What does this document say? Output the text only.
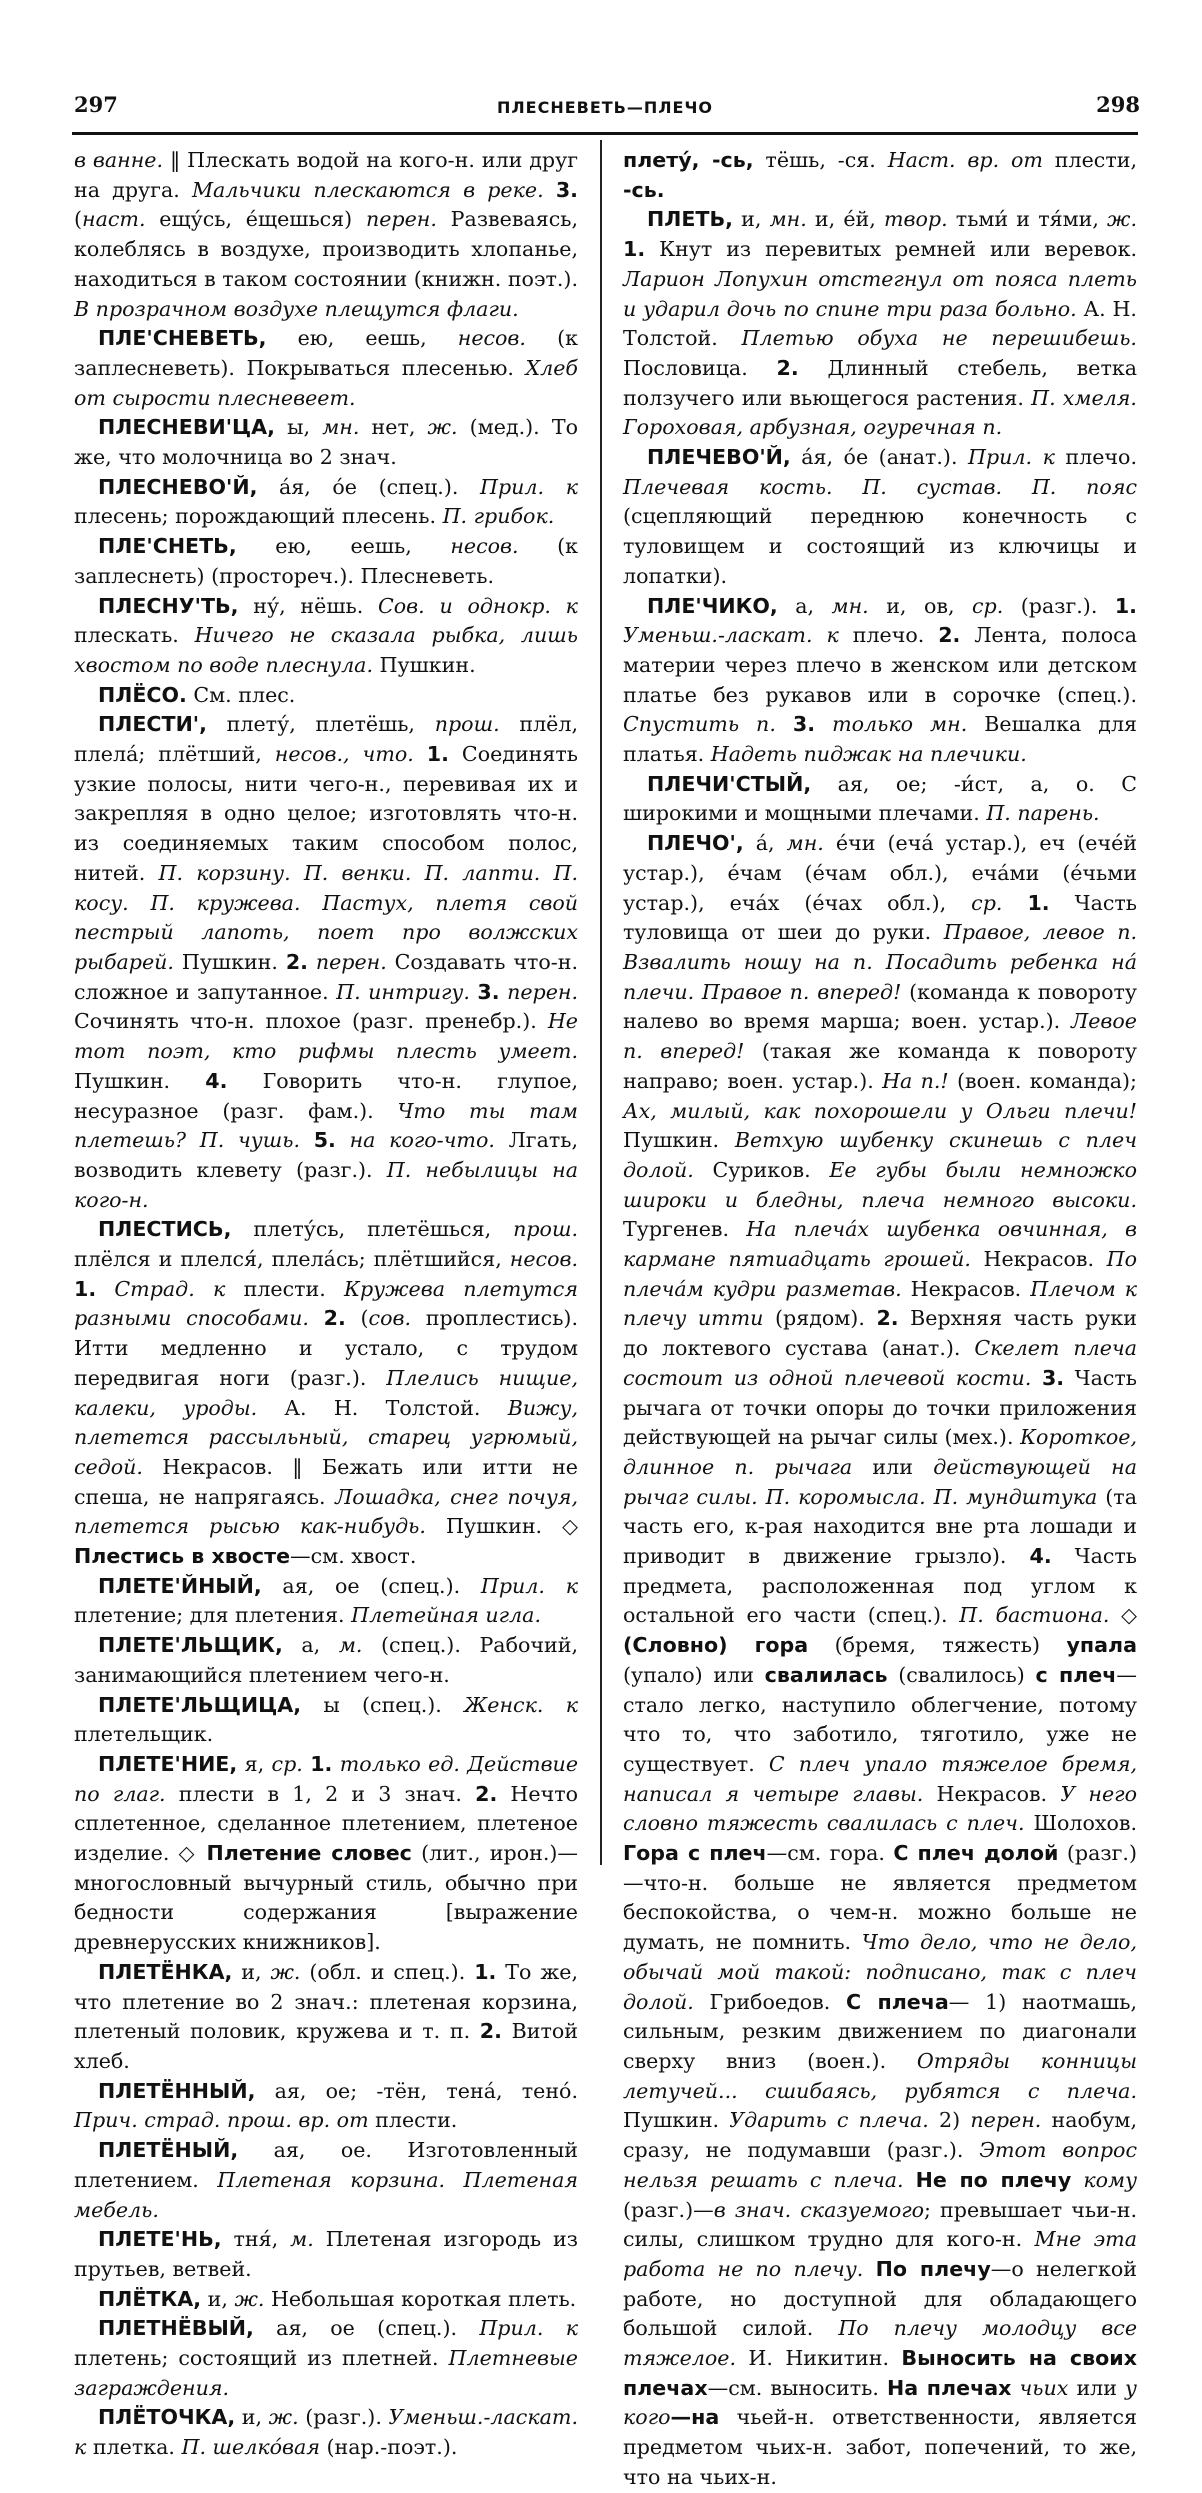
297	ПЛЕСНЕВЕТЬ—ПЛЕЧО	298

в ванне. ‖ Плескать водой на кого-н. или друг на друга. Мальчики плескаются в реке. 3. (наст. ещу́сь, е́щешься) перен. Развеваясь, колеблясь в воздухе, производить хлопанье, находиться в таком состоянии (книжн. поэт.). В прозрачном воздухе плещутся флаги.

ПЛЕ'СНЕВЕТЬ, ею, еешь, несов. (к заплесневеть). Покрываться плесенью. Хлеб от сырости плесневеет.

ПЛЕСНЕВИ'ЦА, ы, мн. нет, ж. (мед.). То же, что молочница во 2 знач.

ПЛЕСНЕВО'Й, а́я, о́е (спец.). Прил. к плесень; порождающий плесень. П. грибок.

ПЛЕ'СНЕТЬ, ею, еешь, несов. (к заплеснеть) (простореч.). Плесневеть.

ПЛЕСНУ'ТЬ, ну́, нёшь. Сов. и однокр. к плескать. Ничего не сказала рыбка, лишь хвостом по воде плеснула. Пушкин.

ПЛЁСО. См. плес.

ПЛЕСТИ', плету́, плетёшь, прош. плёл, плела́; плётший, несов., что. 1. Соединять узкие полосы, нити чего-н., перевивая их и закрепляя в одно целое; изготовлять что-н. из соединяемых таким способом полос, нитей. П. корзину. П. венки. П. лапти. П. косу. П. кружева. Пастух, плетя свой пестрый лапоть, поет про волжских рыбарей. Пушкин. 2. перен. Создавать что-н. сложное и запутанное. П. интригу. 3. перен. Сочинять что-н. плохое (разг. пренебр.). Не тот поэт, кто рифмы плесть умеет. Пушкин. 4. Говорить что-н. глупое, несуразное (разг. фам.). Что ты там плетешь? П. чушь. 5. на кого-что. Лгать, возводить клевету (разг.). П. небылицы на кого-н.

ПЛЕСТИСЬ, плету́сь, плетёшься, прош. плёлся и плелся́, плела́сь; плётшийся, несов. 1. Страд. к плести. Кружева плетутся разными способами. 2. (сов. проплестись). Итти медленно и устало, с трудом передвигая ноги (разг.). Плелись нищие, калеки, уроды. А. Н. Толстой. Вижу, плетется рассыльный, старец угрюмый, седой. Некрасов. ‖ Бежать или итти не спеша, не напрягаясь. Лошадка, снег почуя, плетется рысью как-нибудь. Пушкин. ◇ Плестись в хвосте—см. хвост.

ПЛЕТЕ'ЙНЫЙ, ая, ое (спец.). Прил. к плетение; для плетения. Плетейная игла.

ПЛЕТЕ'ЛЬЩИК, а, м. (спец.). Рабочий, занимающийся плетением чего-н.

ПЛЕТЕ'ЛЬЩИЦА, ы (спец.). Женск. к плетельщик.

ПЛЕТЕ'НИЕ, я, ср. 1. только ед. Действие по глаг. плести в 1, 2 и 3 знач. 2. Нечто сплетенное, сделанное плетением, плетеное изделие. ◇ Плетение словес (лит., ирон.)—многословный вычурный стиль, обычно при бедности содержания [выражение древнерусских книжников].

ПЛЕТЁНКА, и, ж. (обл. и спец.). 1. То же, что плетение во 2 знач.: плетеная корзина, плетеный половик, кружева и т. п. 2. Витой хлеб.

ПЛЕТЁННЫЙ, ая, ое; -тён, тена́, тено́. Прич. страд. прош. вр. от плести.

ПЛЕТЁНЫЙ, ая, ое. Изготовленный плетением. Плетеная корзина. Плетеная мебель.

ПЛЕТЕ'НЬ, тня́, м. Плетеная изгородь из прутьев, ветвей.

ПЛЁТКА, и, ж. Небольшая короткая плеть.

ПЛЕТНЁВЫЙ, ая, ое (спец.). Прил. к плетень; состоящий из плетней. Плетневые заграждения.

ПЛЁТОЧКА, и, ж. (разг.). Уменьш.-ласкат. к плетка. П. шелко́вая (нар.-поэт.).

плету́, -сь, тёшь, -ся. Наст. вр. от плести, -сь.

ПЛЕТЬ, и, мн. и, е́й, твор. тьми́ и тя́ми, ж. 1. Кнут из перевитых ремней или веревок. Ларион Лопухин отстегнул от пояса плеть и ударил дочь по спине три раза больно. А. Н. Толстой. Плетью обуха не перешибешь. Пословица. 2. Длинный стебель, ветка ползучего или вьющегося растения. П. хмеля. Гороховая, арбузная, огуречная п.

ПЛЕЧЕВО'Й, а́я, о́е (анат.). Прил. к плечо. Плечевая кость. П. сустав. П. пояс (сцепляющий переднюю конечность с туловищем и состоящий из ключицы и лопатки).

ПЛЕ'ЧИКО, а, мн. и, ов, ср. (разг.). 1. Уменьш.-ласкат. к плечо. 2. Лента, полоса материи через плечо в женском или детском платье без рукавов или в сорочке (спец.). Спустить п. 3. только мн. Вешалка для платья. Надеть пиджак на плечики.

ПЛЕЧИ'СТЫЙ, ая, ое; -и́ст, а, о. С широкими и мощными плечами. П. парень.

ПЛЕЧО', а́, мн. е́чи (ечá устар.), еч (ечéй устар.), е́чам (е́чам обл.), еча́ми (е́чьми устар.), еча́х (е́чах обл.), ср. 1. Часть туловища от шеи до руки. Правое, левое п. Взвалить ношу на п. Посадить ребенка на́ плечи. Правое п. вперед! (команда к повороту налево во время марша; воен. устар.). Левое п. вперед! (такая же команда к повороту направо; воен. устар.). На п.! (воен. команда); Ах, милый, как похорошели у Ольги плечи! Пушкин. Ветхую шубенку скинешь с плеч долой. Суриков. Ее губы были немножко широки и бледны, плеча немного высоки. Тургенев. На плеча́х шубенка овчинная, в кармане пятиадцать грошей. Некрасов. По плеча́м кудри разметав. Некрасов. Плечом к плечу итти (рядом). 2. Верхняя часть руки до локтевого сустава (анат.). Скелет плеча состоит из одной плечевой кости. 3. Часть рычага от точки опоры до точки приложения действующей на рычаг силы (мех.). Короткое, длинное п. рычага или действующей на рычаг силы. П. коромысла. П. мундштука (та часть его, к-рая находится вне рта лошади и приводит в движение грызло). 4. Часть предмета, расположенная под углом к остальной его части (спец.). П. бастиона. ◇ (Словно) гора (бремя, тяжесть) упала (упало) или свалилась (свалилось) с плеч—стало легко, наступило облегчение, потому что то, что заботило, тяготило, уже не существует. С плеч упало тяжелое бремя, написал я четыре главы. Некрасов. У него словно тяжесть свалилась с плеч. Шолохов. Гора с плеч—см. гора. С плеч долой (разг.)—что-н. больше не является предметом беспокойства, о чем-н. можно больше не думать, не помнить. Что дело, что не дело, обычай мой такой: подписано, так с плеч долой. Грибоедов. С плеча— 1) наотмашь, сильным, резким движением по диагонали сверху вниз (воен.). Отряды конницы летучей... сшибаясь, рубятся с плеча. Пушкин. Ударить с плеча. 2) перен. наобум, сразу, не подумавши (разг.). Этот вопрос нельзя решать с плеча. Не по плечу кому (разг.)—в знач. сказуемого; превышает чьи-н. силы, слишком трудно для кого-н. Мне эта работа не по плечу. По плечу—о нелегкой работе, но доступной для обладающего большой силой. По плечу молодцу все тяжелое. И. Никитин. Выносить на своих плечах—см. выносить. На плечах чьих или у кого—на чьей-н. ответственности, является предметом чьих-н. забот, попечений, то же, что на чьих-н.
